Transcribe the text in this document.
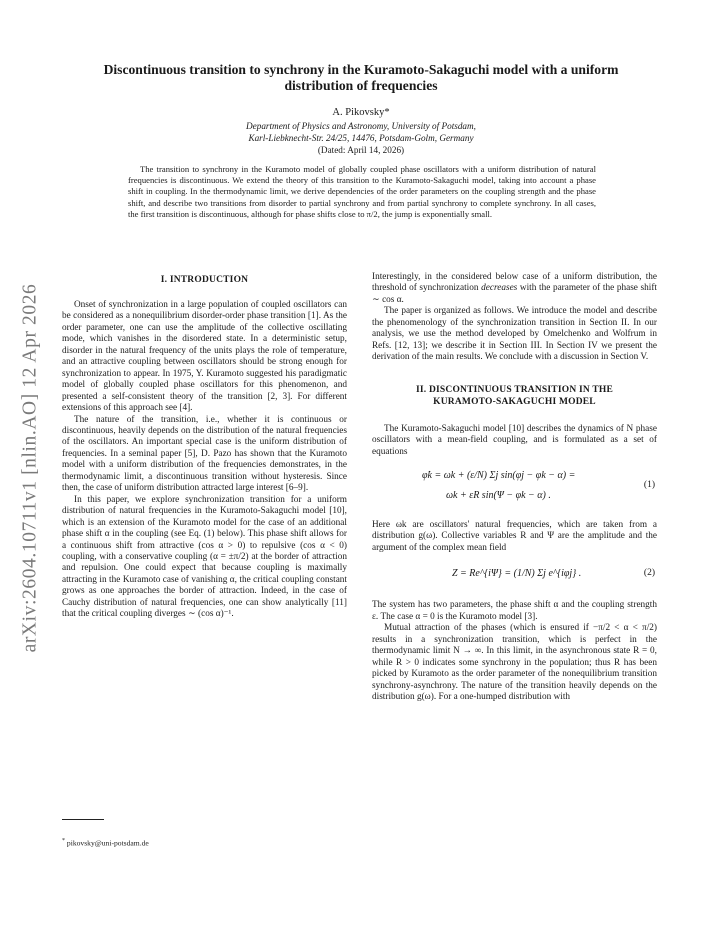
arXiv:2604.10711v1 [nlin.AO] 12 Apr 2026
Discontinuous transition to synchrony in the Kuramoto-Sakaguchi model with a uniform distribution of frequencies
A. Pikovsky*
Department of Physics and Astronomy, University of Potsdam,
Karl-Liebknecht-Str. 24/25, 14476, Potsdam-Golm, Germany
(Dated: April 14, 2026)
The transition to synchrony in the Kuramoto model of globally coupled phase oscillators with a uniform distribution of natural frequencies is discontinuous. We extend the theory of this transition to the Kuramoto-Sakaguchi model, taking into account a phase shift in coupling. In the thermodynamic limit, we derive dependencies of the order parameters on the coupling strength and the phase shift, and describe two transitions from disorder to partial synchrony and from partial synchrony to complete synchrony. In all cases, the first transition is discontinuous, although for phase shifts close to π/2, the jump is exponentially small.
I. INTRODUCTION

Onset of synchronization in a large population of coupled oscillators can be considered as a nonequilibrium disorder-order phase transition [1]. As the order parameter, one can use the amplitude of the collective oscillating mode, which vanishes in the disordered state. In a deterministic setup, disorder in the natural frequency of the units plays the role of temperature, and an attractive coupling between oscillators should be strong enough for synchronization to appear. In 1975, Y. Kuramoto suggested his paradigmatic model of globally coupled phase oscillators for this phenomenon, and presented a self-consistent theory of the transition [2, 3]. For different extensions of this approach see [4].

The nature of the transition, i.e., whether it is continuous or discontinuous, heavily depends on the distribution of the natural frequencies of the oscillators. An important special case is the uniform distribution of frequencies. In a seminal paper [5], D. Pazo has shown that the Kuramoto model with a uniform distribution of the frequencies demonstrates, in the thermodynamic limit, a discontinuous transition without hysteresis. Since then, the case of uniform distribution attracted large interest [6–9].

In this paper, we explore synchronization transition for a uniform distribution of natural frequencies in the Kuramoto-Sakaguchi model [10], which is an extension of the Kuramoto model for the case of an additional phase shift α in the coupling (see Eq. (1) below). This phase shift allows for a continuous shift from attractive (cos α > 0) to repulsive (cos α < 0) coupling, with a conservative coupling (α = ±π/2) at the border of attraction and repulsion. One could expect that because coupling is maximally attracting in the Kuramoto case of vanishing α, the critical coupling constant grows as one approaches the border of attraction. Indeed, in the case of Cauchy distribution of natural frequencies, one can show analytically [11] that the critical coupling diverges ∼ (cos α)⁻¹.

Interestingly, in the considered below case of a uniform distribution, the threshold of synchronization decreases with the parameter of the phase shift ∼ cos α.

The paper is organized as follows. We introduce the model and describe the phenomenology of the synchronization transition in Section II. In our analysis, we use the method developed by Omelchenko and Wolfrum in Refs. [12, 13]; we describe it in Section III. In Section IV we present the derivation of the main results. We conclude with a discussion in Section V.

II. DISCONTINUOUS TRANSITION IN THE
KURAMOTO-SAKAGUCHI MODEL

The Kuramoto-Sakaguchi model [10] describes the dynamics of N phase oscillators with a mean-field coupling, and is formulated as a set of equations

φ̇k = ωk + (ε/N) Σj sin(φj − φk − α) =
ωk + εR sin(Ψ − φk − α) .
(1)

Here ωk are oscillators' natural frequencies, which are taken from a distribution g(ω). Collective variables R and Ψ are the amplitude and the argument of the complex mean field

Z = Re^{iΨ} = (1/N) Σj e^{iφj} .	(2)

The system has two parameters, the phase shift α and the coupling strength ε. The case α = 0 is the Kuramoto model [3].

Mutual attraction of the phases (which is ensured if −π/2 < α < π/2) results in a synchronization transition, which is perfect in the thermodynamic limit N → ∞. In this limit, in the asynchronous state R = 0, while R > 0 indicates some synchrony in the population; thus R has been picked by Kuramoto as the order parameter of the nonequilibrium transition synchrony-asynchrony. The nature of the transition heavily depends on the distribution g(ω). For a one-humped distribution with

* pikovsky@uni-potsdam.de
